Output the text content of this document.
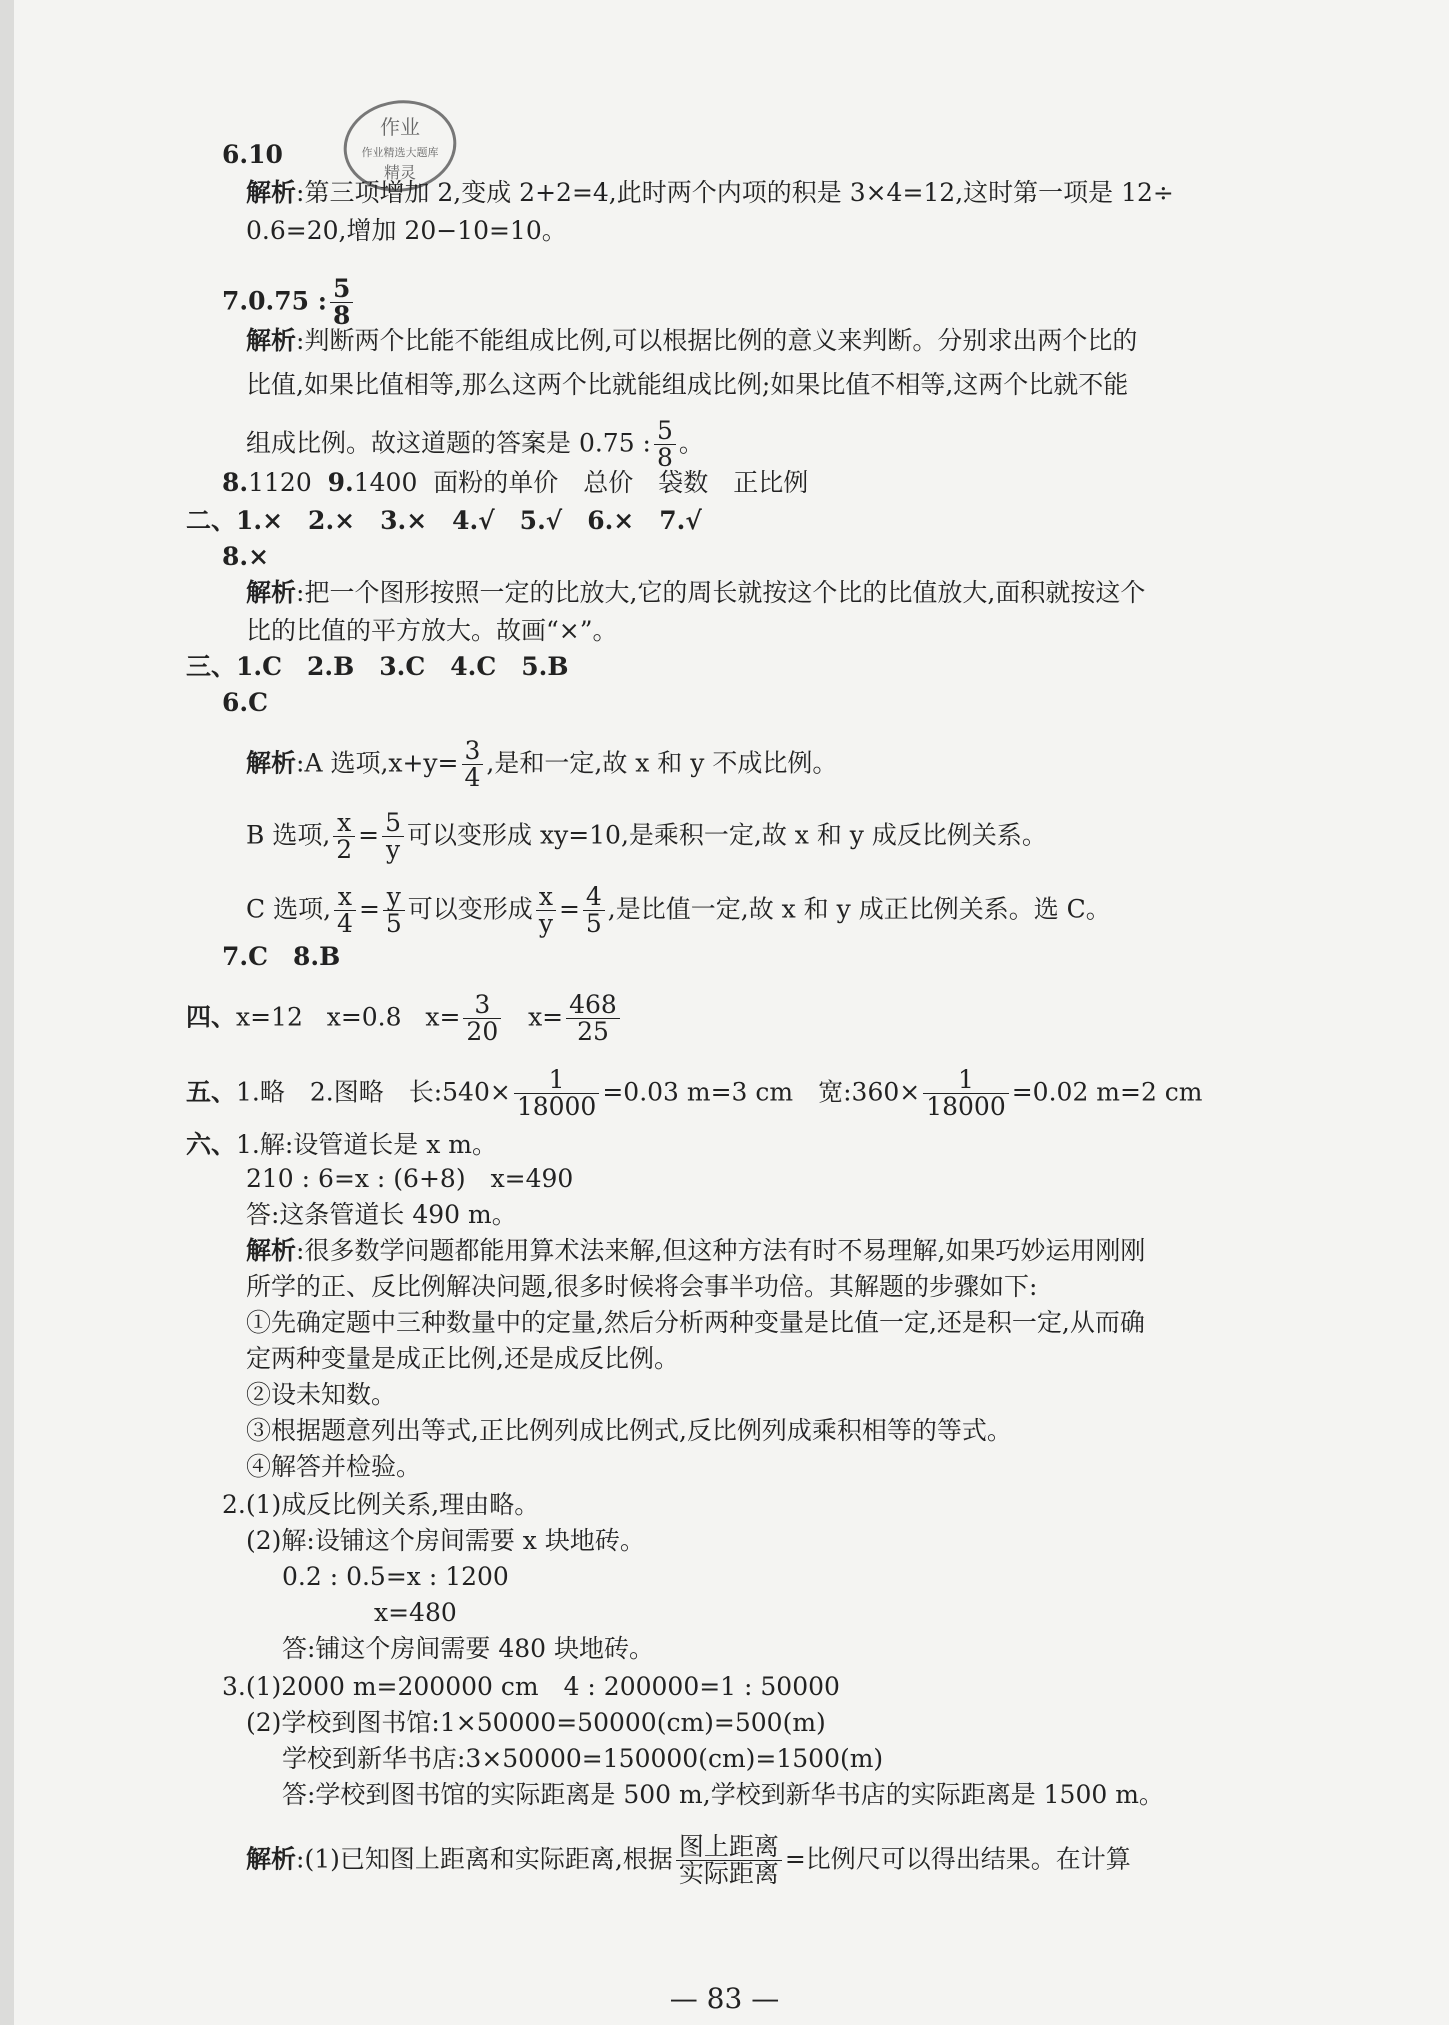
作业
作业精选大题库
精灵
6.10
解析:第三项增加 2,变成 2+2=4,此时两个内项的积是 3×4=12,这时第一项是 12÷
0.6=20,增加 20−10=10。
7.0.75 : $\frac{5}{8}$
解析:判断两个比能不能组成比例,可以根据比例的意义来判断。分别求出两个比的
比值,如果比值相等,那么这两个比就能组成比例;如果比值不相等,这两个比就不能
组成比例。故这道题的答案是 0.75 : $\frac{5}{8}$ 。
8.1120 9.1400 面粉的单价　总价　袋数　正比例
二、1.×　2.×　3.×　4.√　5.√　6.×　7.√
8.×
解析:把一个图形按照一定的比放大,它的周长就按这个比的比值放大,面积就按这个
比的比值的平方放大。故画“×”。
三、1.C　2.B　3.C　4.C　5.B
6.C
解析:A 选项$,x+y= \frac{3}{4}$ ,是和一定,故 x 和 y 不成比例。
B 选项, $\frac{x}{2} = \frac{5}{y}$ 可以变形成 xy=10,是乘积一定,故 x 和 y 成反比例关系。
C 选项, $\frac{x}{4} = \frac{y}{5}$ 可以变形成 $\frac{x}{y} = \frac{4}{5}$ ,是比值一定,故 x 和 y 成正比例关系。选 C。
7.C　8.B
四、x=12 x=0.8 $x= \frac{3}{20} x= \frac{468}{25}$
五、1.略　2.图略　长:540× $\frac{1}{18000} =0.03$ m=3 cm　宽:360× $\frac{1}{18000} =0.02$ m=2 cm
六、1.解:设管道长是 x m。
210 : 6=x : (6+8)　x=490
答:这条管道长 490 m。
解析:很多数学问题都能用算术法来解,但这种方法有时不易理解,如果巧妙运用刚刚
所学的正、反比例解决问题,很多时候将会事半功倍。其解题的步骤如下:
①先确定题中三种数量中的定量,然后分析两种变量是比值一定,还是积一定,从而确
定两种变量是成正比例,还是成反比例。
②设未知数。
③根据题意列出等式,正比例列成比例式,反比例列成乘积相等的等式。
④解答并检验。
2.(1)成反比例关系,理由略。
(2)解:设铺这个房间需要 x 块地砖。
0.2 : 0.5=x : 1200
x=480
答:铺这个房间需要 480 块地砖。
3.(1)2000 m=200000 cm　4 : 200000=1 : 50000
(2)学校到图书馆:1×50000=50000(cm)=500(m)
学校到新华书店:3×50000=150000(cm)=1500(m)
答:学校到图书馆的实际距离是 500 m,学校到新华书店的实际距离是 1500 m。
解析:(1)已知图上距离和实际距离,根据 $\frac{\text{图上距离}}{\text{实际距离}}$ =比例尺可以得出结果。在计算
— 83 —
